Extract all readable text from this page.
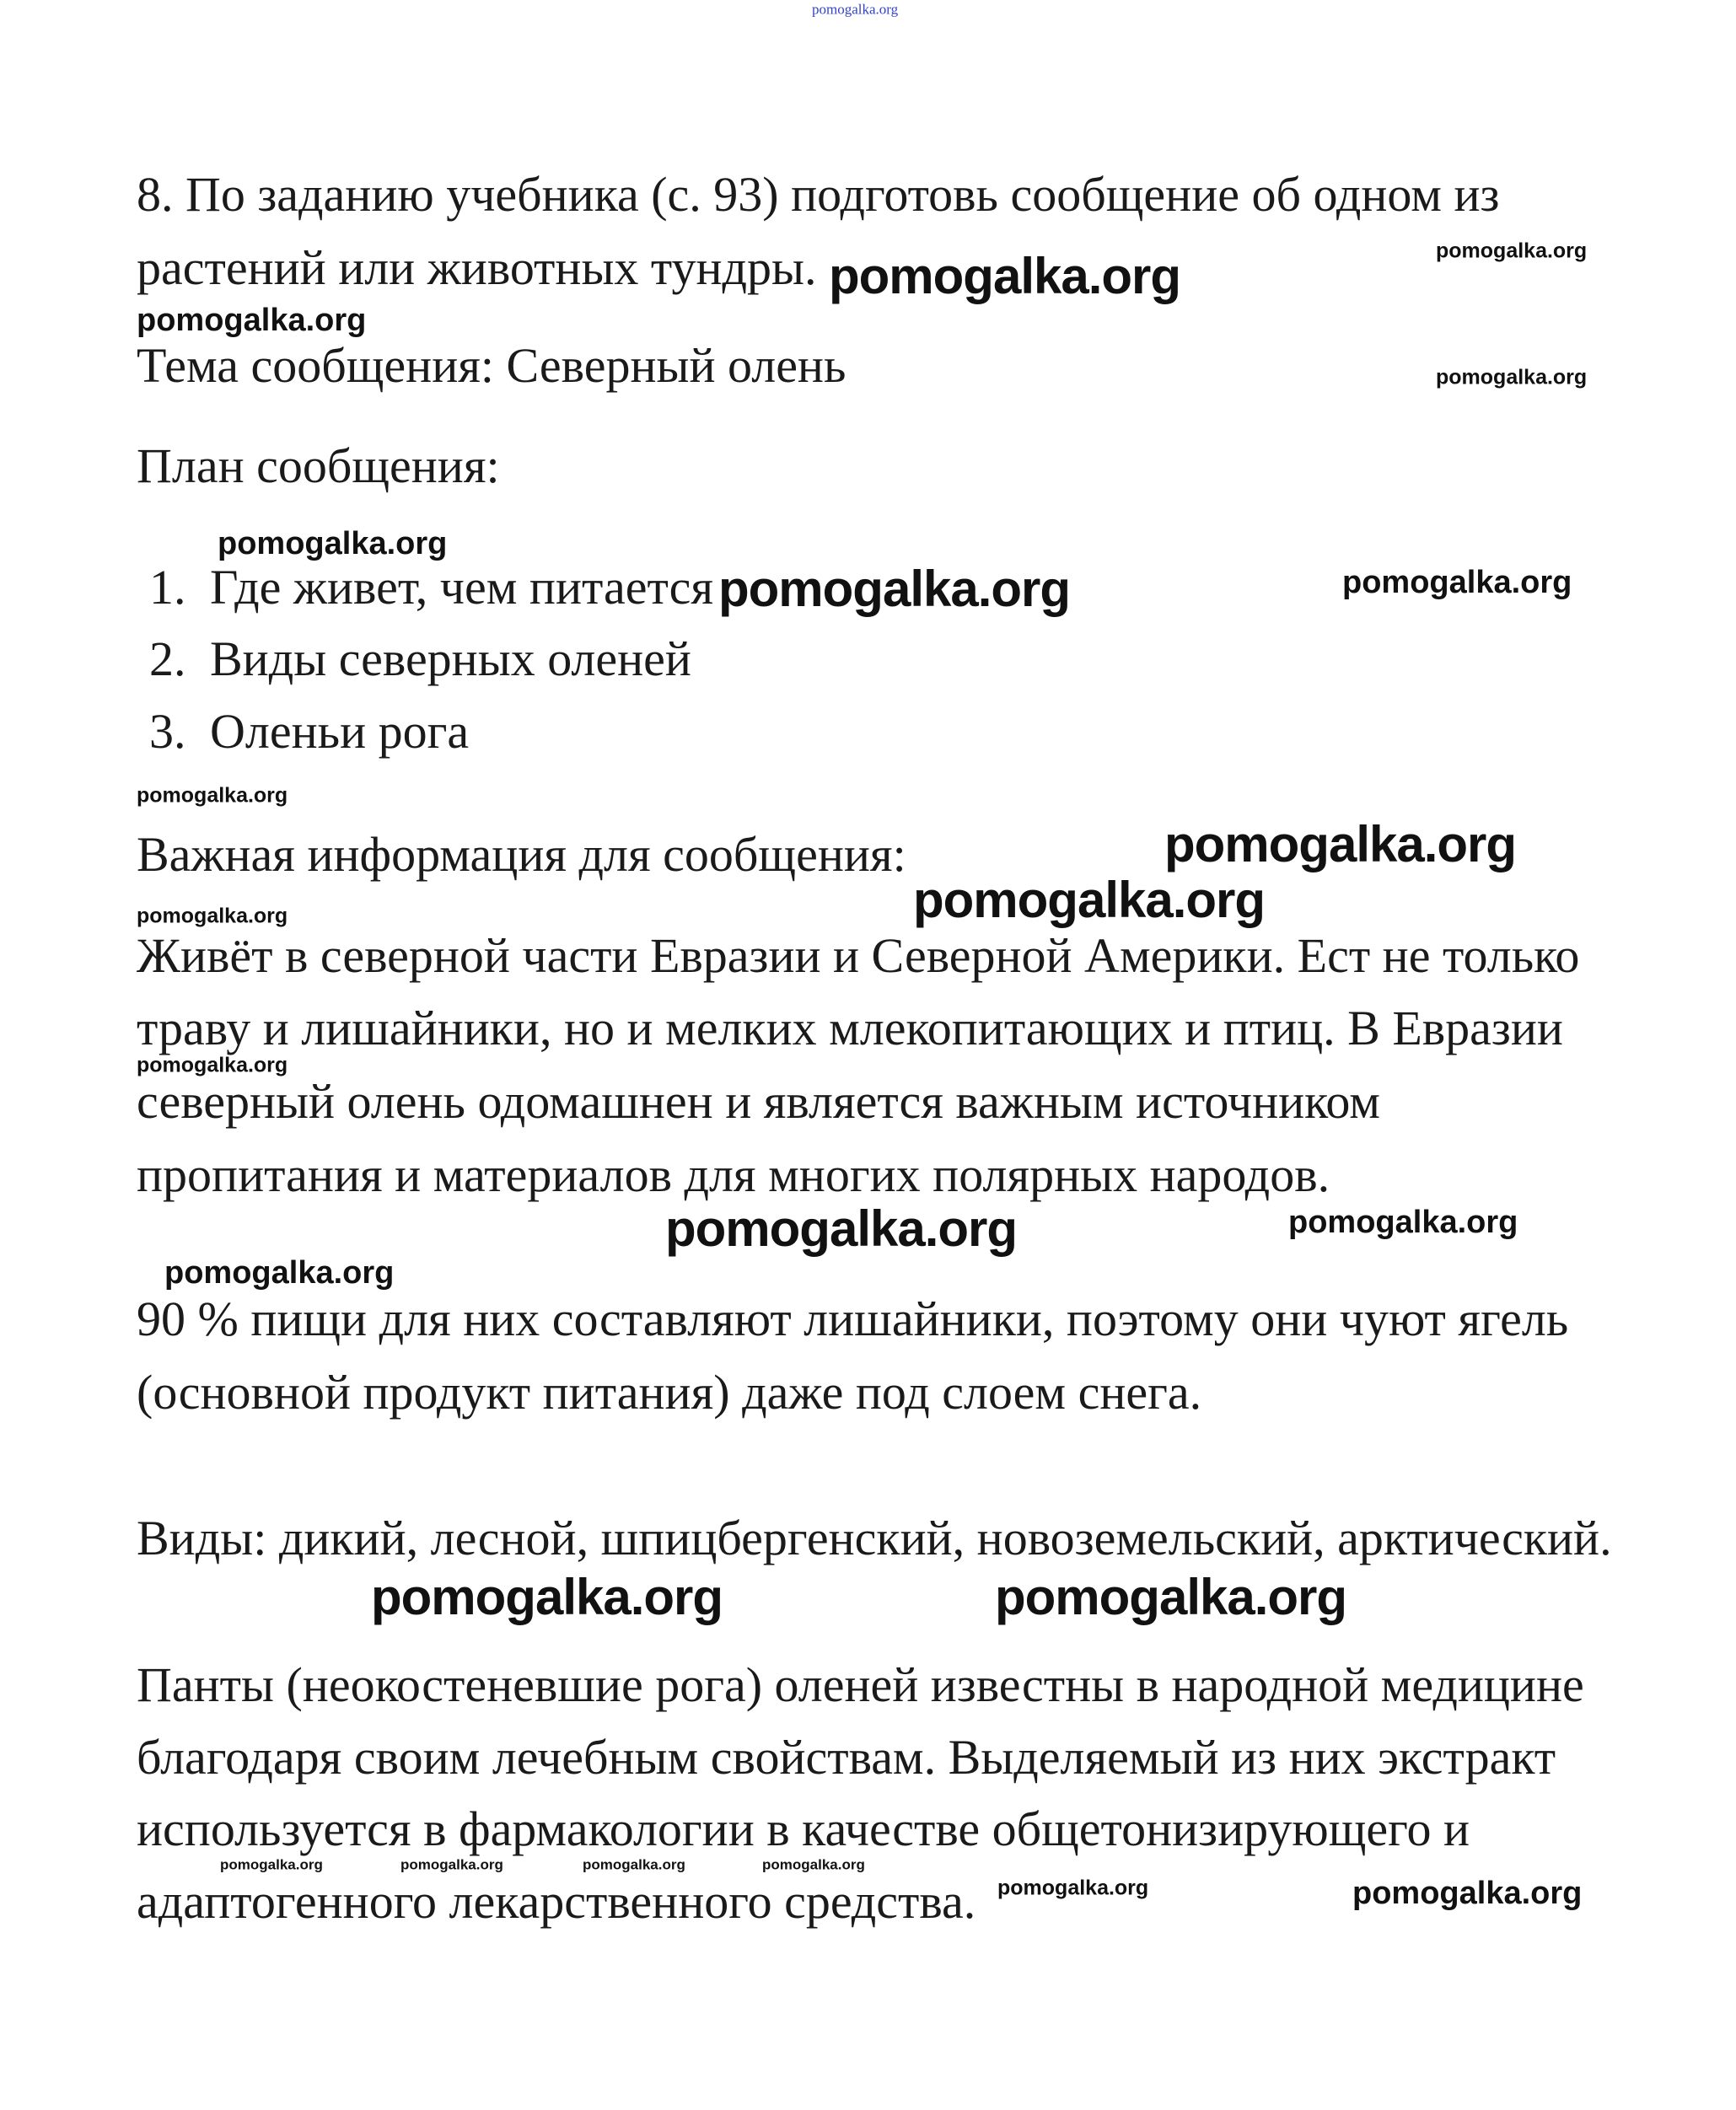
pomogalka.org
8. По заданию учебника (с. 93) подготовь сообщение об одном из
растений или животных тундры.
Тема сообщения: Северный олень
План сообщения:
1. Где живет, чем питается
2. Виды северных оленей
3. Оленьи рога
Важная информация для сообщения:
Живёт в северной части Евразии и Северной Америки. Ест не только
траву и лишайники, но и мелких млекопитающих и птиц. В Евразии
северный олень одомашнен и является важным источником
пропитания и материалов для многих полярных народов.
90 % пищи для них составляют лишайники, поэтому они чуют ягель
(основной продукт питания) даже под слоем снега.
Виды: дикий, лесной, шпицбергенский, новоземельский, арктический.
Панты (неокостеневшие рога) оленей известны в народной медицине
благодаря своим лечебным свойствам. Выделяемый из них экстракт
используется в фармакологии в качестве общетонизирующего и
адаптогенного лекарственного средства.
pomogalka.org	pomogalka.org
pomogalka.org
pomogalka.org
pomogalka.org
pomogalka.org	pomogalka.org
pomogalka.org
pomogalka.org
pomogalka.org
pomogalka.org
pomogalka.org
pomogalka.org	pomogalka.org
pomogalka.org
pomogalka.org	pomogalka.org
pomogalka.org	pomogalka.org	pomogalka.org	pomogalka.org
pomogalka.org	pomogalka.org
